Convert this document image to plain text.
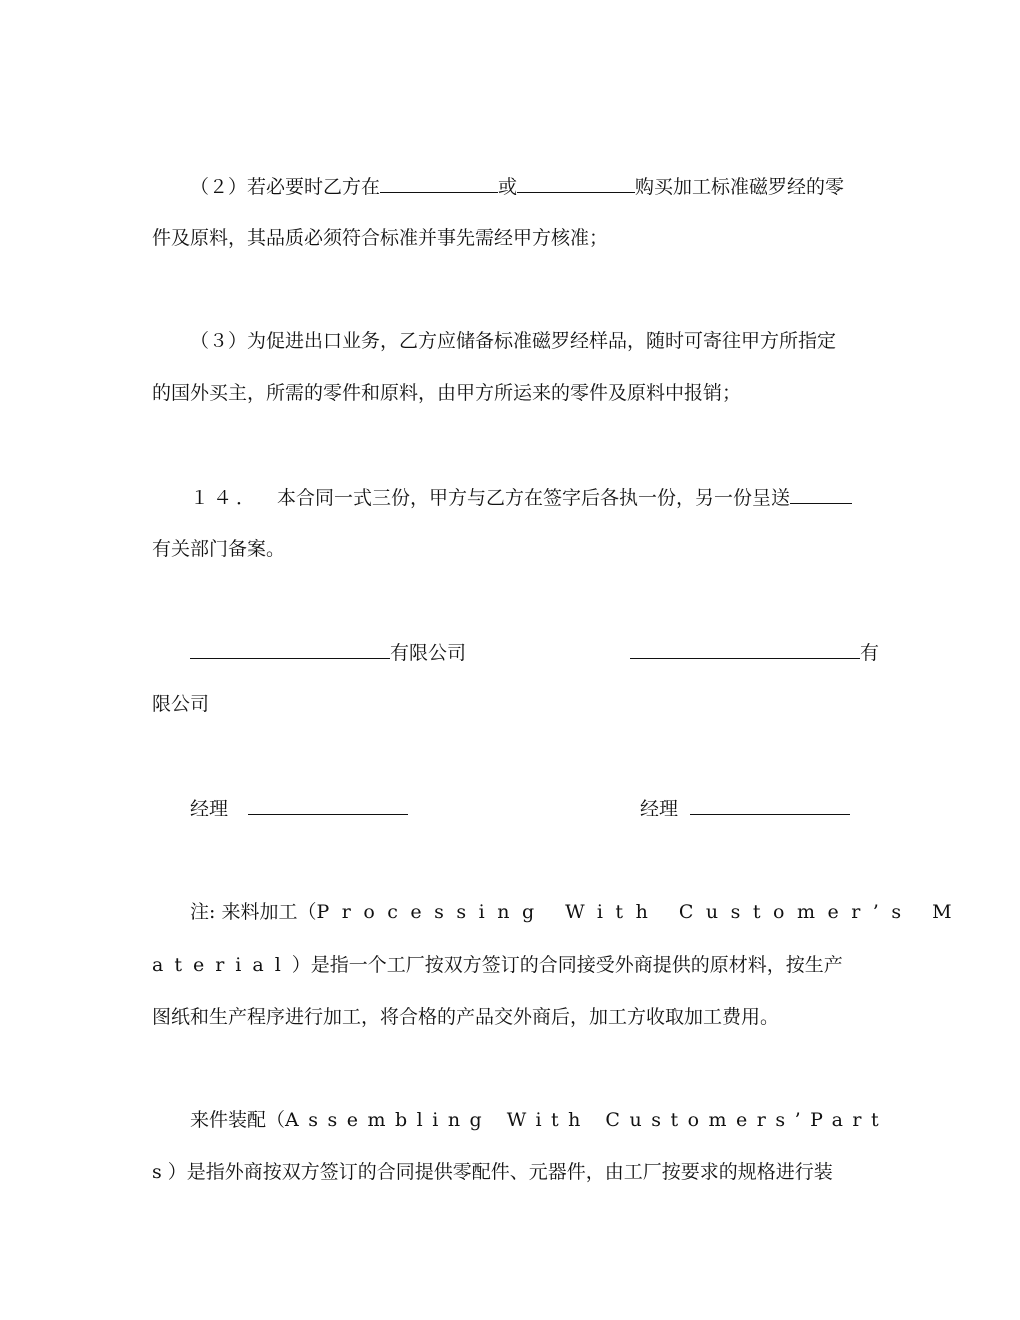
（２）若必要时乙方在	或	购买加工标准磁罗经的零
件及原料，其品质必须符合标准并事先需经甲方核准；
（３）为促进出口业务，乙方应储备标准磁罗经样品，随时可寄往甲方所指定
的国外买主，所需的零件和原料，由甲方所运来的零件及原料中报销；
１４． 本合同一式三份，甲方与乙方在签字后各执一份，另一份呈送
有关部门备案。
有限公司	有
限公司
经理	经理
注: 来料加工（Processing With Customer’s M
aterial）是指一个工厂按双方签订的合同接受外商提供的原材料，按生产
图纸和生产程序进行加工，将合格的产品交外商后，加工方收取加工费用。
来件装配（Assembling With Customers’Part
s）是指外商按双方签订的合同提供零配件、元器件，由工厂按要求的规格进行装
